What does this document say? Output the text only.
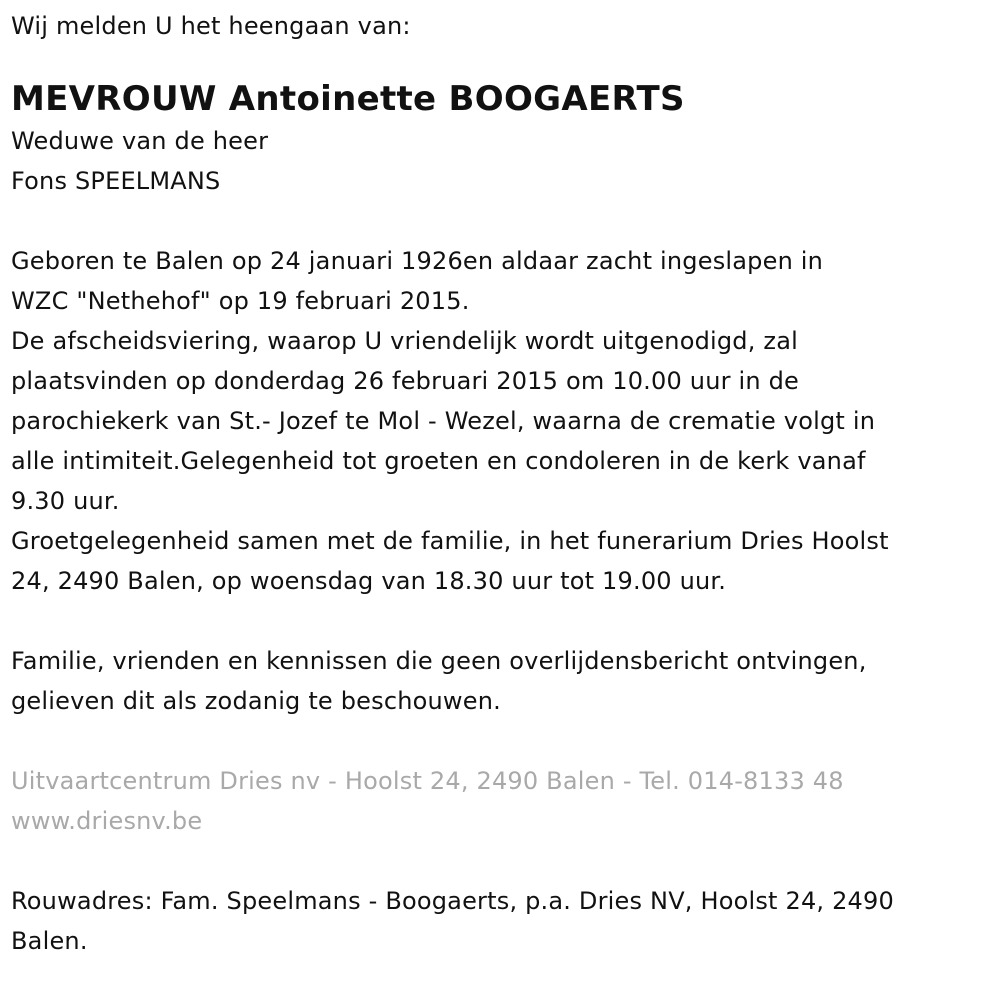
Wij melden U het heengaan van:

MEVROUW Antoinette BOOGAERTS

Weduwe van de heer

Fons SPEELMANS

Geboren te Balen op 24 januari 1926en aldaar zacht ingeslapen in

WZC "Nethehof" op 19 februari 2015.

De afscheidsviering, waarop U vriendelijk wordt uitgenodigd, zal

plaatsvinden op donderdag 26 februari 2015 om 10.00 uur in de

parochiekerk van St.- Jozef te Mol - Wezel, waarna de crematie volgt in

alle intimiteit.Gelegenheid tot groeten en condoleren in de kerk vanaf

9.30 uur.

Groetgelegenheid samen met de familie, in het funerarium Dries Hoolst

24, 2490 Balen, op woensdag van 18.30 uur tot 19.00 uur.

Familie, vrienden en kennissen die geen overlijdensbericht ontvingen,

gelieven dit als zodanig te beschouwen.

Uitvaartcentrum Dries nv - Hoolst 24, 2490 Balen - Tel. 014-8133 48

www.driesnv.be

Rouwadres: Fam. Speelmans - Boogaerts, p.a. Dries NV, Hoolst 24, 2490

Balen.
